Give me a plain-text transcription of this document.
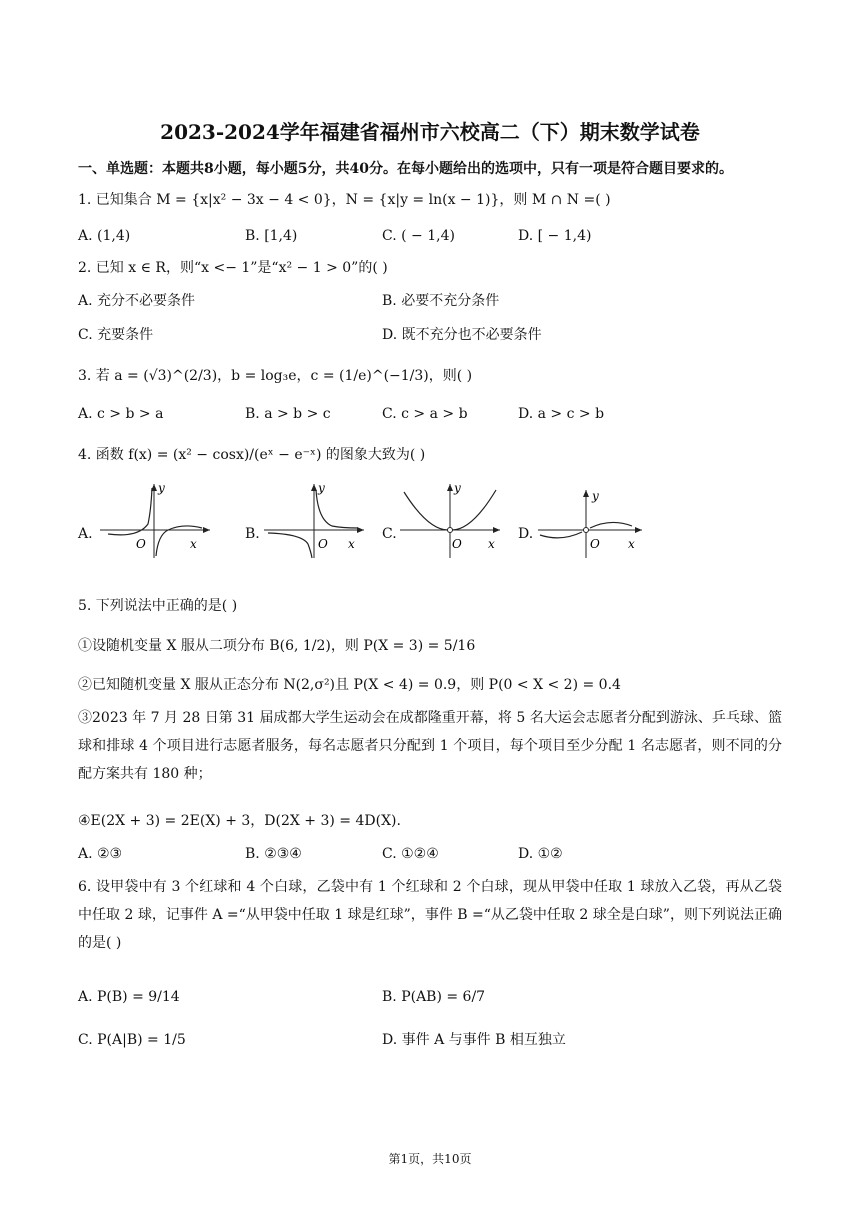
2023-2024学年福建省福州市六校高二（下）期末数学试卷
一、单选题：本题共8小题，每小题5分，共40分。在每小题给出的选项中，只有一项是符合题目要求的。
1. 已知集合 M = {x|x² − 3x − 4 < 0}，N = {x|y = ln(x − 1)}，则 M ∩ N =( )
A. (1,4)	B. [1,4)	C. ( − 1,4)	D. [ − 1,4)
2. 已知 x ∈ R，则“x <− 1”是“x² − 1 > 0”的( )
A. 充分不必要条件	B. 必要不充分条件
C. 充要条件	D. 既不充分也不必要条件
3. 若 a = (√3)^(2/3)，b = log₃e，c = (1/e)^(−1/3)，则( )
A. c > b > a	B. a > b > c	C. c > a > b	D. a > c > b
4. 函数 f(x) = (x² − cosx)/(eˣ − e⁻ˣ) 的图象大致为( )
A.
y
x
O
B.
y
x
O
C.
y
x
O
D.
y
x
O
5. 下列说法中正确的是( )
①设随机变量 X 服从二项分布 B(6, 1/2)，则 P(X = 3) = 5/16
②已知随机变量 X 服从正态分布 N(2,σ²)且 P(X < 4) = 0.9，则 P(0 < X < 2) = 0.4
③2023 年 7 月 28 日第 31 届成都大学生运动会在成都隆重开幕，将 5 名大运会志愿者分配到游泳、乒乓球、篮球和排球 4 个项目进行志愿者服务，每名志愿者只分配到 1 个项目，每个项目至少分配 1 名志愿者，则不同的分配方案共有 180 种；
④E(2X + 3) = 2E(X) + 3，D(2X + 3) = 4D(X).
A. ②③	B. ②③④	C. ①②④	D. ①②
6. 设甲袋中有 3 个红球和 4 个白球，乙袋中有 1 个红球和 2 个白球，现从甲袋中任取 1 球放入乙袋，再从乙袋中任取 2 球，记事件 A =“从甲袋中任取 1 球是红球”，事件 B =“从乙袋中任取 2 球全是白球”，则下列说法正确的是( )
A. P(B) = 9/14	B. P(AB) = 6/7
C. P(A|B) = 1/5	D. 事件 A 与事件 B 相互独立
第1页，共10页
